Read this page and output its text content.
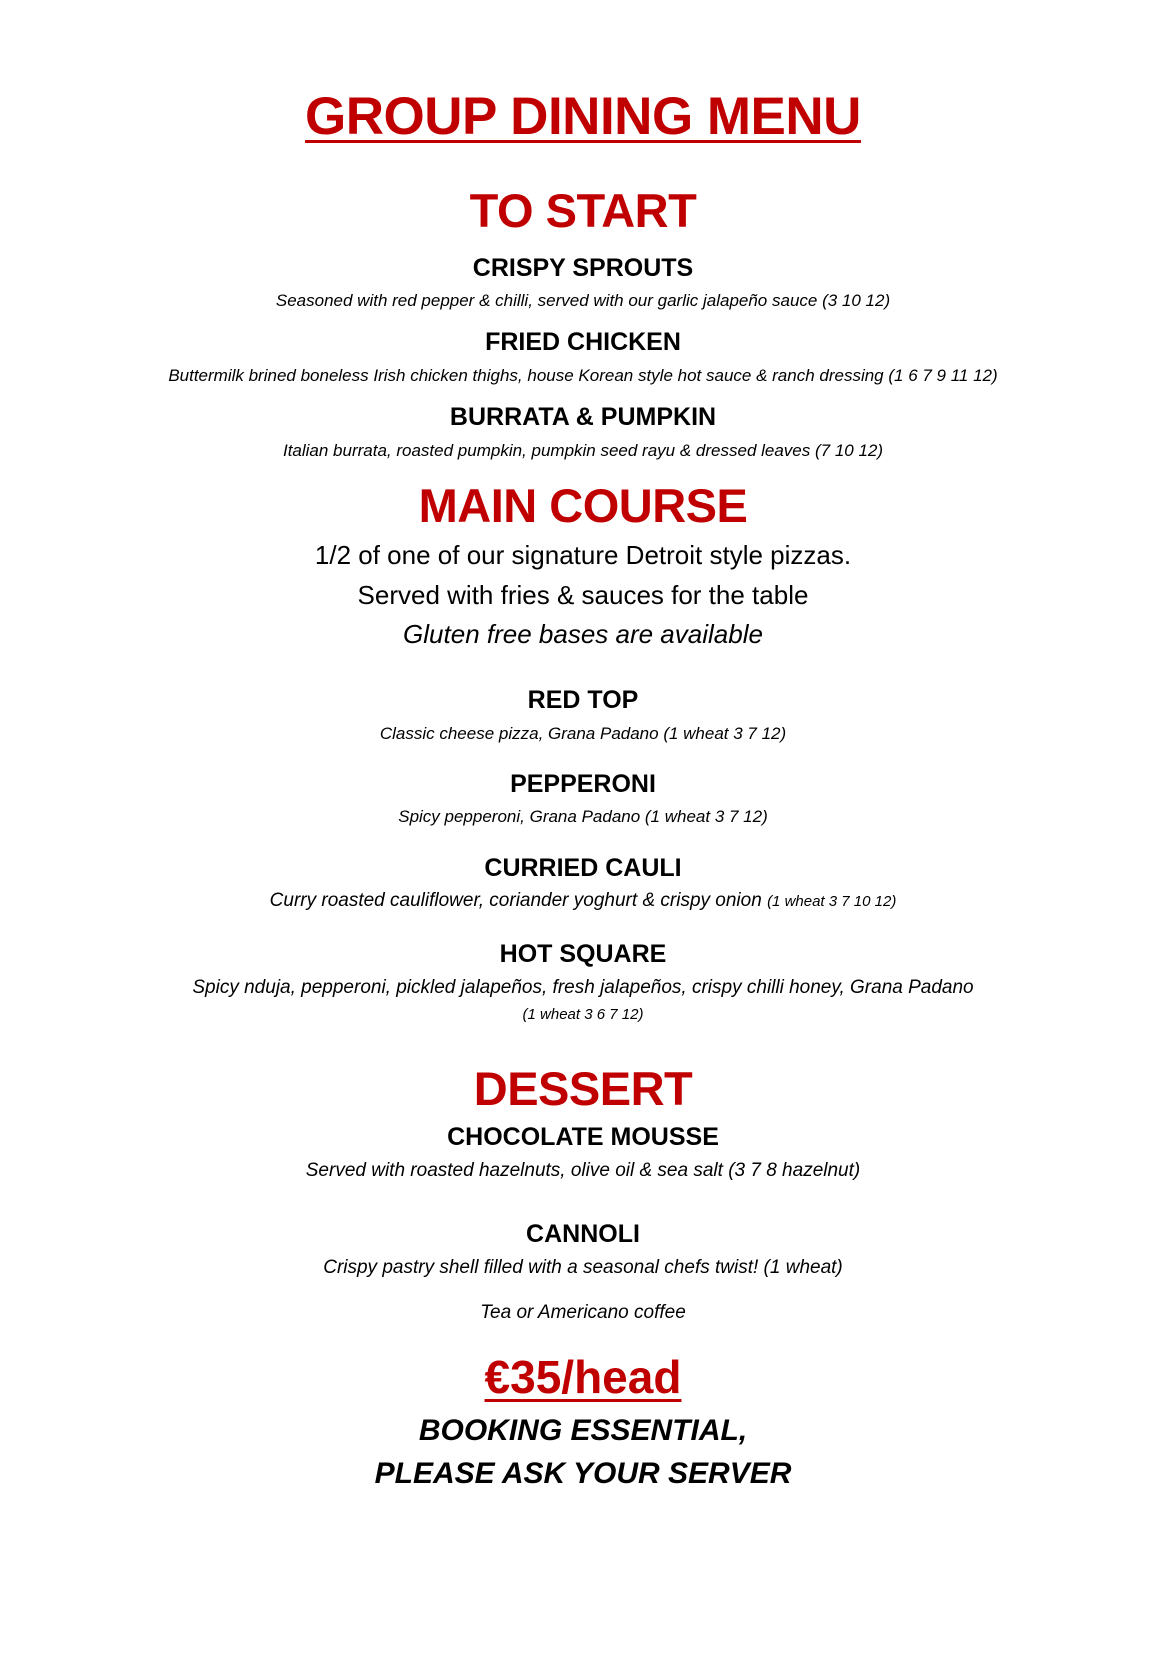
GROUP DINING MENU
TO START
CRISPY SPROUTS
Seasoned with red pepper & chilli, served with our garlic jalapeño sauce (3 10 12)
FRIED CHICKEN
Buttermilk brined boneless Irish chicken thighs, house Korean style hot sauce & ranch dressing (1 6 7 9 11 12)
BURRATA & PUMPKIN
Italian burrata, roasted pumpkin, pumpkin seed rayu & dressed leaves (7 10 12)
MAIN COURSE
1/2 of one of our signature Detroit style pizzas.
Served with fries & sauces for the table
Gluten free bases are available
RED TOP
Classic cheese pizza, Grana Padano (1 wheat 3 7 12)
PEPPERONI
Spicy pepperoni, Grana Padano (1 wheat 3 7 12)
CURRIED CAULI
Curry roasted cauliflower, coriander yoghurt & crispy onion (1 wheat 3 7 10 12)
HOT SQUARE
Spicy nduja, pepperoni, pickled jalapeños, fresh jalapeños, crispy chilli honey, Grana Padano
(1 wheat 3 6 7 12)
DESSERT
CHOCOLATE MOUSSE
Served with roasted hazelnuts, olive oil & sea salt (3 7 8 hazelnut)
CANNOLI
Crispy pastry shell filled with a seasonal chefs twist! (1 wheat)
Tea or Americano coffee
€35/head
BOOKING ESSENTIAL,
PLEASE ASK YOUR SERVER
